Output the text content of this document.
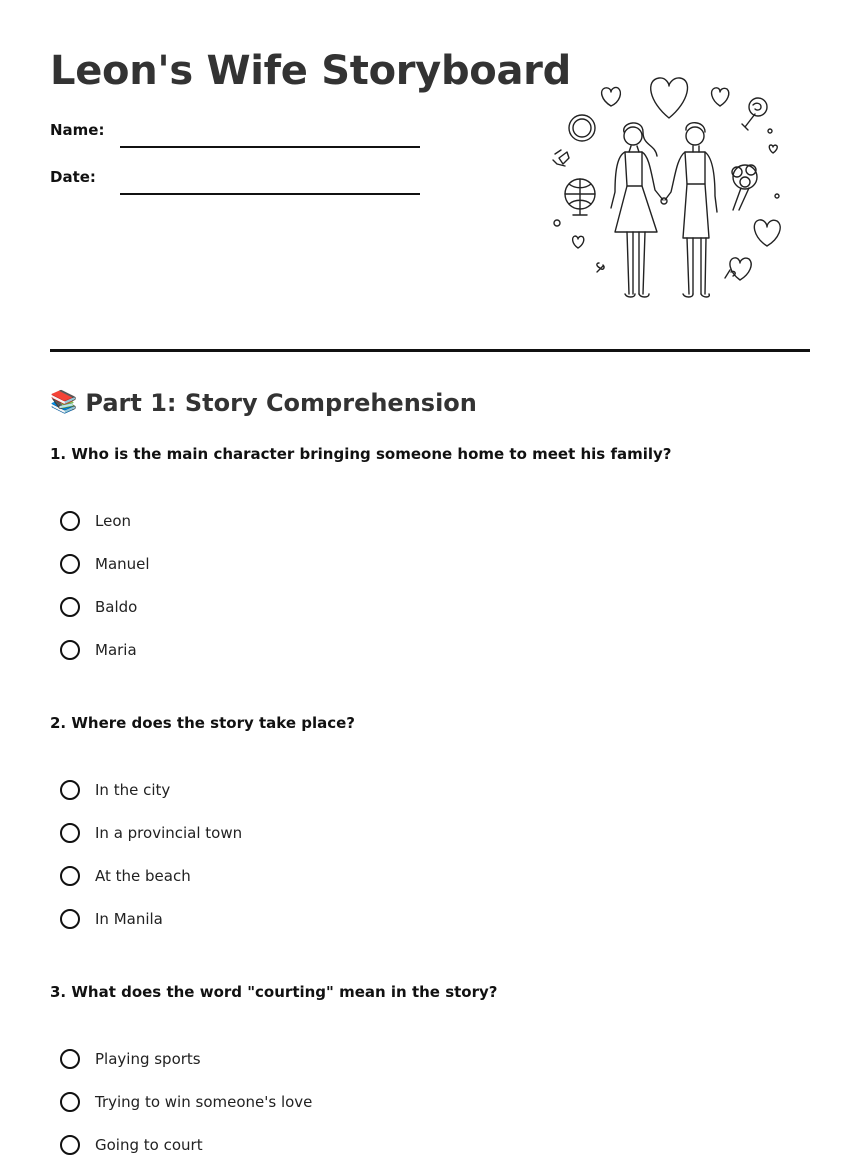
Leon's Wife Storyboard
Name:
Date:
📚 Part 1: Story Comprehension

1. Who is the main character bringing someone home to meet his family?

Leon
Manuel
Baldo
Maria

2. Where does the story take place?

In the city
In a provincial town
At the beach
In Manila

3. What does the word "courting" mean in the story?

Playing sports
Trying to win someone's love
Going to court
